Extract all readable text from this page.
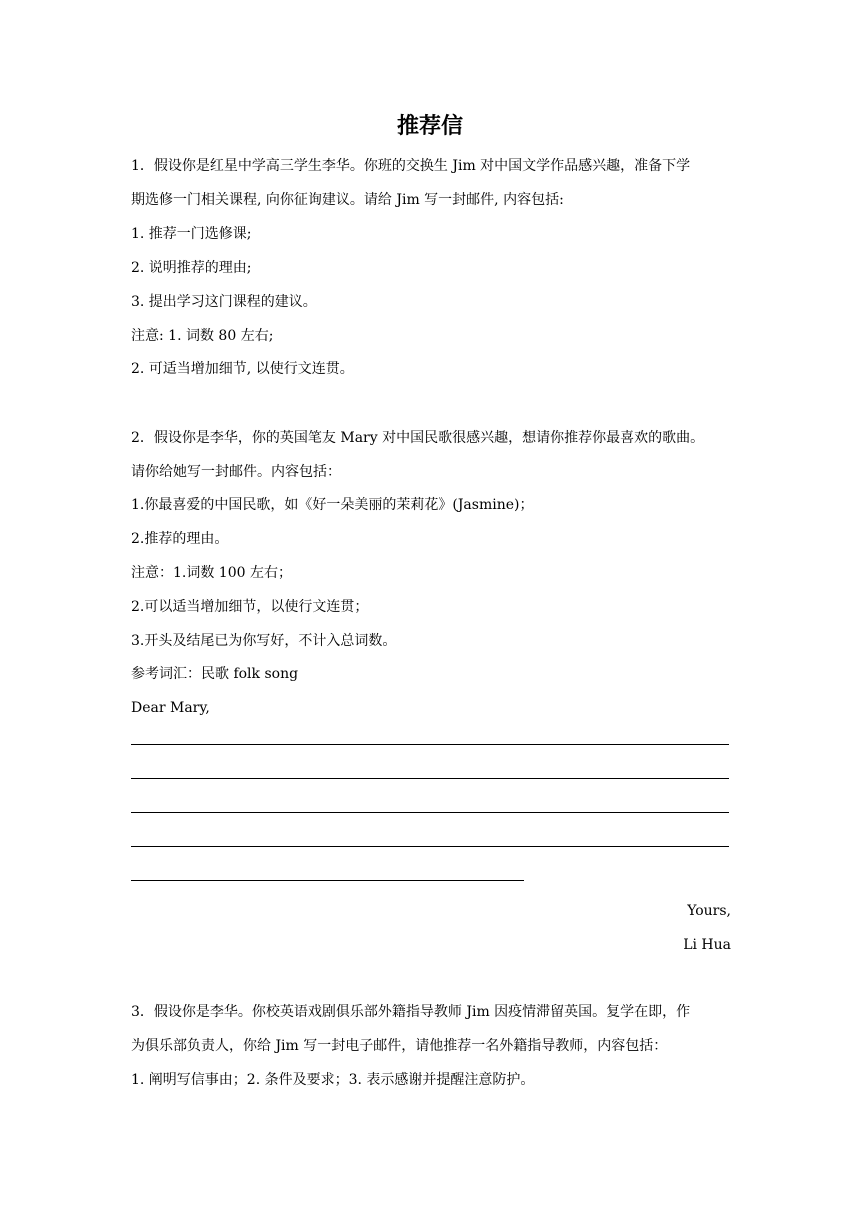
推荐信
1．假设你是红星中学高三学生李华。你班的交换生 Jim 对中国文学作品感兴趣，准备下学
期选修一门相关课程, 向你征询建议。请给 Jim 写一封邮件, 内容包括:
1. 推荐一门选修课;
2. 说明推荐的理由;
3. 提出学习这门课程的建议。
注意: 1. 词数 80 左右;
2. 可适当增加细节, 以使行文连贯。
2．假设你是李华，你的英国笔友 Mary 对中国民歌很感兴趣，想请你推荐你最喜欢的歌曲。
请你给她写一封邮件。内容包括：
1.你最喜爱的中国民歌，如《好一朵美丽的茉莉花》(Jasmine)；
2.推荐的理由。
注意：1.词数 100 左右；
2.可以适当增加细节，以使行文连贯；
3.开头及结尾已为你写好，不计入总词数。
参考词汇：民歌 folk song
Dear Mary,
Yours,
Li Hua
3．假设你是李华。你校英语戏剧俱乐部外籍指导教师 Jim 因疫情滞留英国。复学在即，作
为俱乐部负责人，你给 Jim 写一封电子邮件，请他推荐一名外籍指导教师，内容包括：
1. 阐明写信事由；2. 条件及要求；3. 表示感谢并提醒注意防护。
